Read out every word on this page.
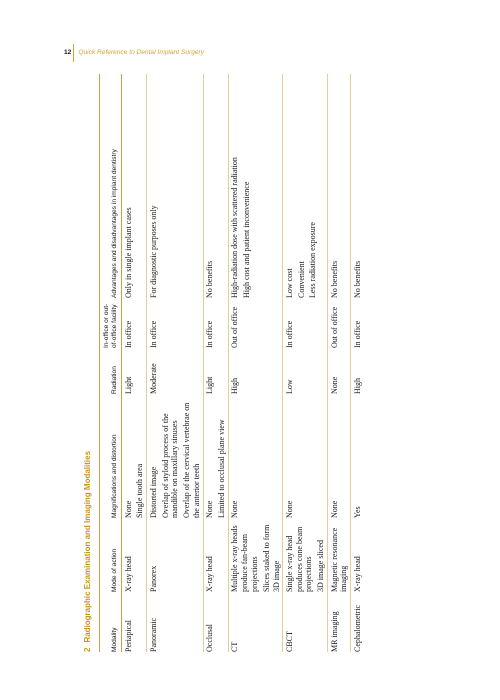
12 Quick Reference to Dental Implant Surgery
2Radiographic Examination and Imaging Modalities	Modality	Mode of action	Magnifications and distortion	Radiation	In-office or out-of-office facility	Advantages and disadvantages in implant dentistry
Periapical	X-ray head	None Single tooth area	Light	In office	Only in single implant cases

Panoramic	Panorex	Distorted image Overlap of styloid process of the mandible on maxillary sinuses Overlap of the cervical vertebrae on the anterior teeth	Moderate	In office	For diagnostic purposes only

Occlusal	X-ray head	None Limited to occlusal plane view	Light	In office	No benefits

CT	Multiple x-ray heads produce fan-beam projections Slices staked to form 3D image	None	High	Out of office	High-radiation dose with scattered radiation High cost and patient inconvenience

CBCT	Single x-ray head produces cone beam projections 3D image sliced	None	Low	In office	Low cost Convenient Less radiation exposure

MR imaging	Magnetic resonance imaging	None	None	Out of office	No benefits

Cephalometric	X-ray head	Yes	High	In office	No benefits
